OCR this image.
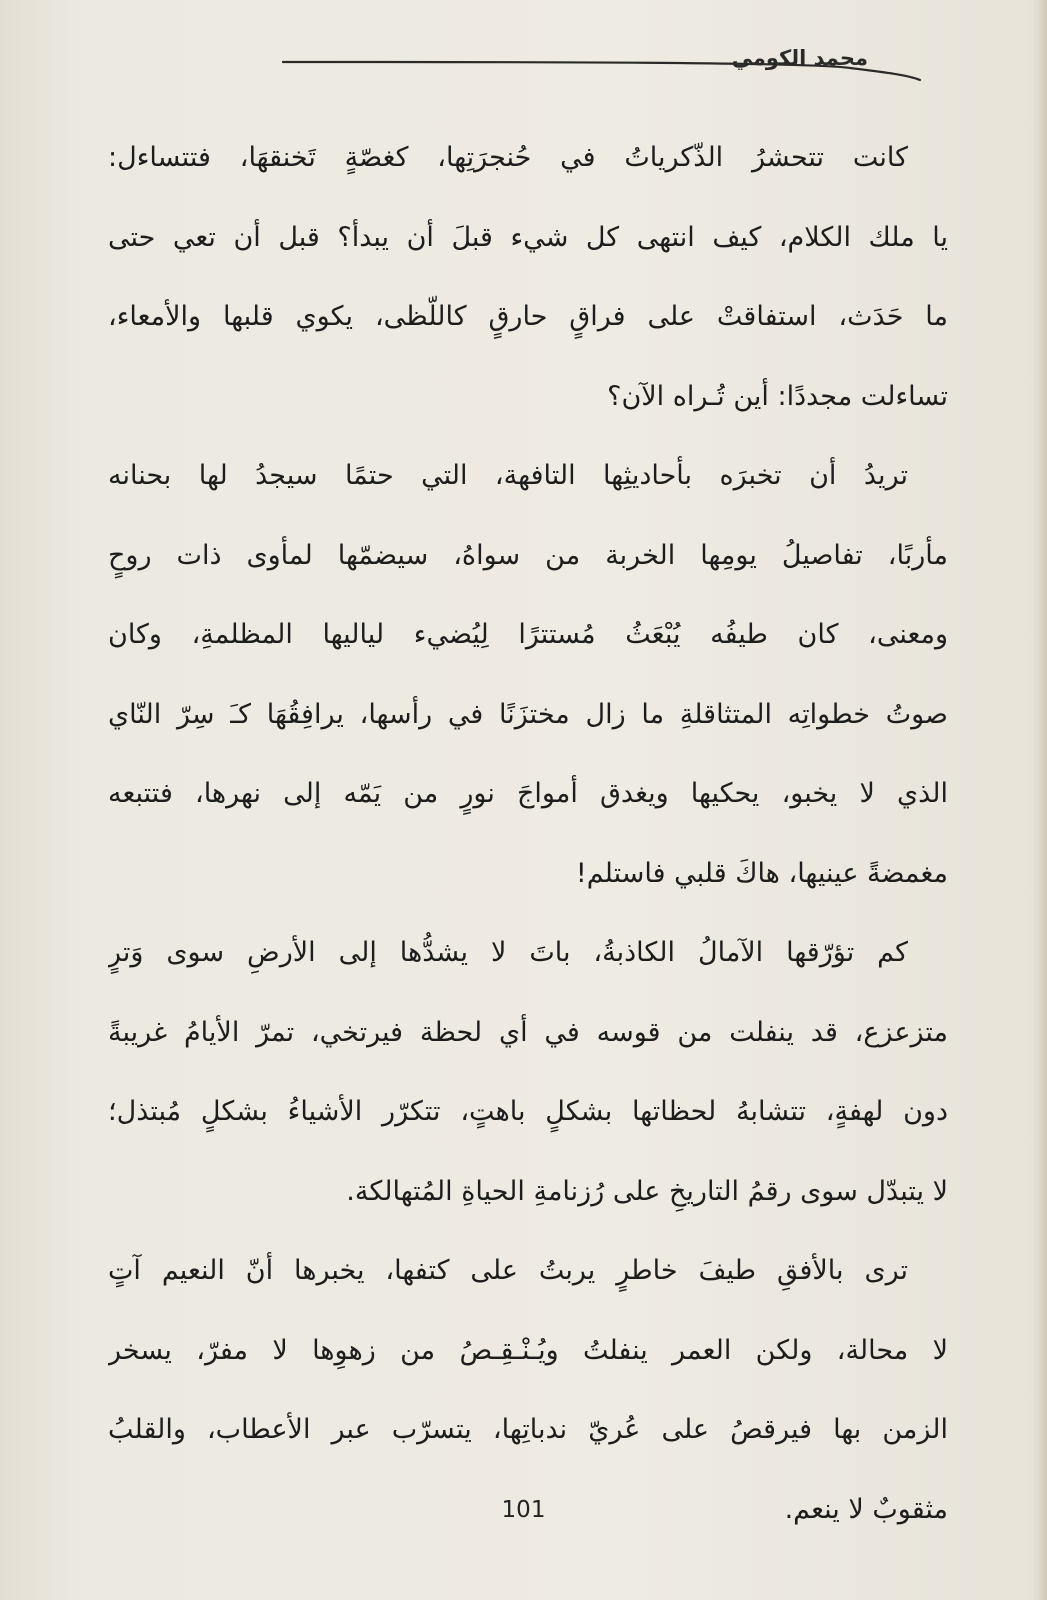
محمد الكومي
كانت تتحشرُ الذّكرياتُ في حُنجرَتِها، كغصّةٍ تَخنقهَا، فتتساءل:
يا ملك الكلام، كيف انتهى كل شيء قبلَ أن يبدأ؟ قبل أن تعي حتى
ما حَدَث، استفاقتْ على فراقٍ حارقٍ كاللّظى، يكوي قلبها والأمعاء،
تساءلت مجددًا: أين تُـراه الآن؟
تريدُ أن تخبرَه بأحاديثِها التافهة، التي حتمًا سيجدُ لها بحنانه
مأربًا، تفاصيلُ يومِها الخربة من سواهُ، سيضمّها لمأوى ذات روحٍ
ومعنى، كان طيفُه يُبْعَثُ مُستترًا لِيُضيء لياليها المظلمةِ، وكان
صوتُ خطواتِه المتثاقلةِ ما زال مختزَنًا في رأسها، يرافِقُهَا كـَ سِرّ النّاي
الذي لا يخبو، يحكيها ويغدق أمواجَ نورٍ من يَمّه إلى نهرها، فتتبعه
مغمضةً عينيها، هاكَ قلبي فاستلم!
كم تؤرّقها الآمالُ الكاذبةُ، باتَ لا يشدُّها إلى الأرضِ سوى وَترٍ
متزعزع، قد ينفلت من قوسه في أي لحظة فيرتخي، تمرّ الأيامُ غريبةً
دون لهفةٍ، تتشابهُ لحظاتها بشكلٍ باهتٍ، تتكرّر الأشياءُ بشكلٍ مُبتذل؛
لا يتبدّل سوى رقمُ التاريخِ على رُزنامةِ الحياةِ المُتهالكة.
ترى بالأفقِ طيفَ خاطرٍ يربتُ على كتفها، يخبرها أنّ النعيم آتٍ
لا محالة، ولكن العمر ينفلتُ ويُـنْـقِـصُ من زهوِها لا مفرّ، يسخر
الزمن بها فيرقصُ على عُريّ ندباتِها، يتسرّب عبر الأعطاب، والقلبُ
مثقوبٌ لا ينعم.
101
